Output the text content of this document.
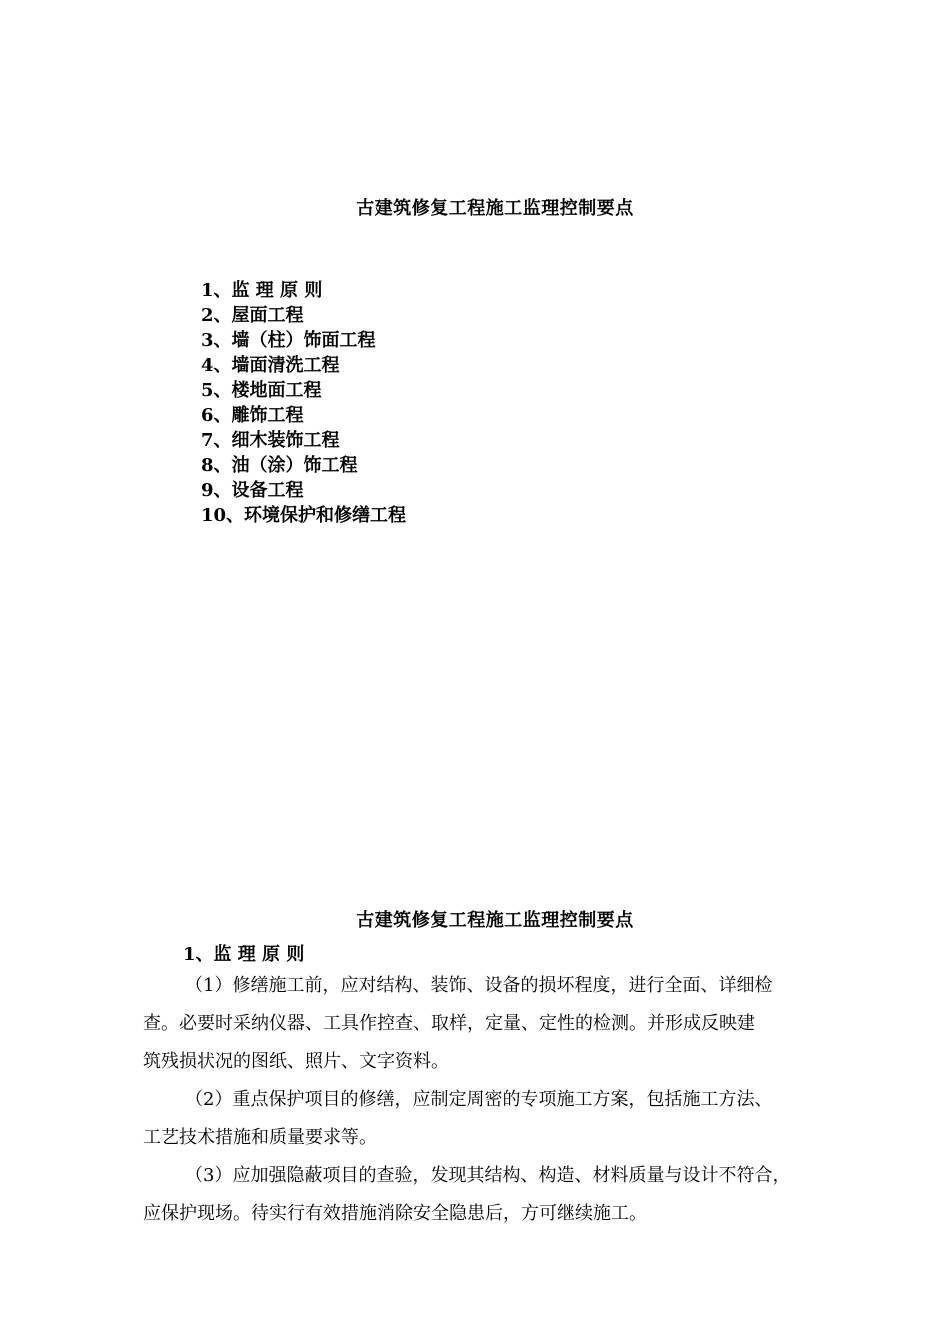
古建筑修复工程施工监理控制要点
1、监 理 原 则
2、屋面工程
3、墙（柱）饰面工程
4、墙面清洗工程
5、楼地面工程
6、雕饰工程
7、细木装饰工程
8、油（涂）饰工程
9、设备工程
10、环境保护和修缮工程
古建筑修复工程施工监理控制要点
1、监 理 原 则
（1）修缮施工前，应对结构、装饰、设备的损坏程度，进行全面、详细检
查。必要时采纳仪器、工具作控查、取样，定量、定性的检测。并形成反映建
筑残损状况的图纸、照片、文字资料。
（2）重点保护项目的修缮，应制定周密的专项施工方案，包括施工方法、
工艺技术措施和质量要求等。
（3）应加强隐蔽项目的查验，发现其结构、构造、材料质量与设计不符合，
应保护现场。待实行有效措施消除安全隐患后，方可继续施工。
